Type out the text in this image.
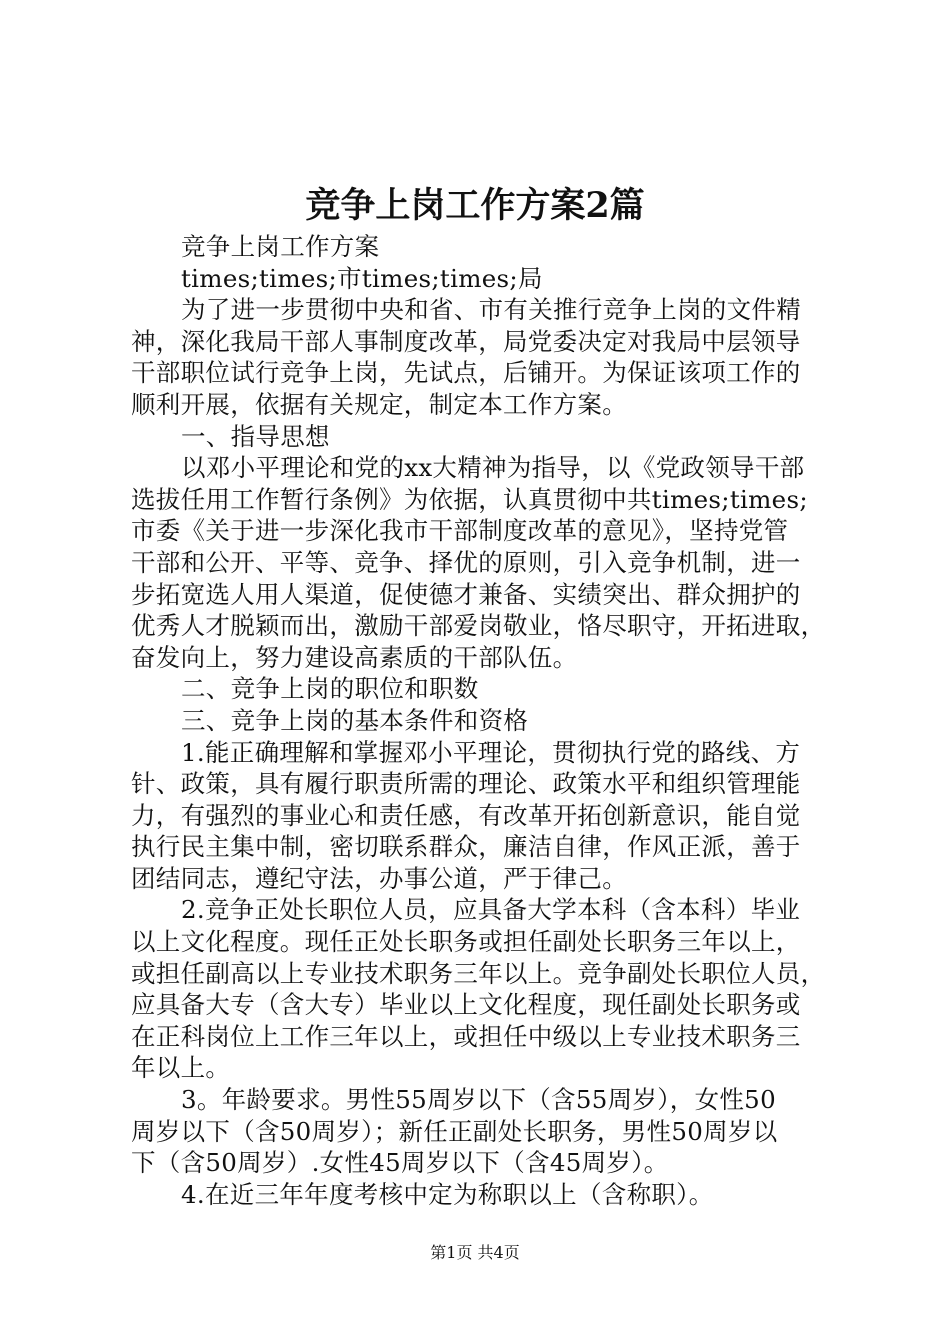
竞争上岗工作方案2篇
竞争上岗工作方案
times;times;市times;times;局
为了进一步贯彻中央和省、市有关推行竞争上岗的文件精
神，深化我局干部人事制度改革，局党委决定对我局中层领导
干部职位试行竞争上岗，先试点，后铺开。为保证该项工作的
顺利开展，依据有关规定，制定本工作方案。
一、指导思想
以邓小平理论和党的xx大精神为指导，以《党政领导干部
选拔任用工作暂行条例》为依据，认真贯彻中共times;times;
市委《关于进一步深化我市干部制度改革的意见》，坚持党管
干部和公开、平等、竞争、择优的原则，引入竞争机制，进一
步拓宽选人用人渠道，促使德才兼备、实绩突出、群众拥护的
优秀人才脱颖而出，激励干部爱岗敬业，恪尽职守，开拓进取，
奋发向上，努力建设高素质的干部队伍。
二、竞争上岗的职位和职数
三、竞争上岗的基本条件和资格
1.能正确理解和掌握邓小平理论，贯彻执行党的路线、方
针、政策，具有履行职责所需的理论、政策水平和组织管理能
力，有强烈的事业心和责任感，有改革开拓创新意识，能自觉
执行民主集中制，密切联系群众，廉洁自律，作风正派，善于
团结同志，遵纪守法，办事公道，严于律己。
2.竞争正处长职位人员，应具备大学本科（含本科）毕业
以上文化程度。现任正处长职务或担任副处长职务三年以上，
或担任副高以上专业技术职务三年以上。竞争副处长职位人员，
应具备大专（含大专）毕业以上文化程度，现任副处长职务或
在正科岗位上工作三年以上，或担任中级以上专业技术职务三
年以上。
3。年龄要求。男性55周岁以下（含55周岁），女性50
周岁以下（含50周岁）；新任正副处长职务，男性50周岁以
下（含50周岁）.女性45周岁以下（含45周岁）。
4.在近三年年度考核中定为称职以上（含称职）。
第1页 共4页
